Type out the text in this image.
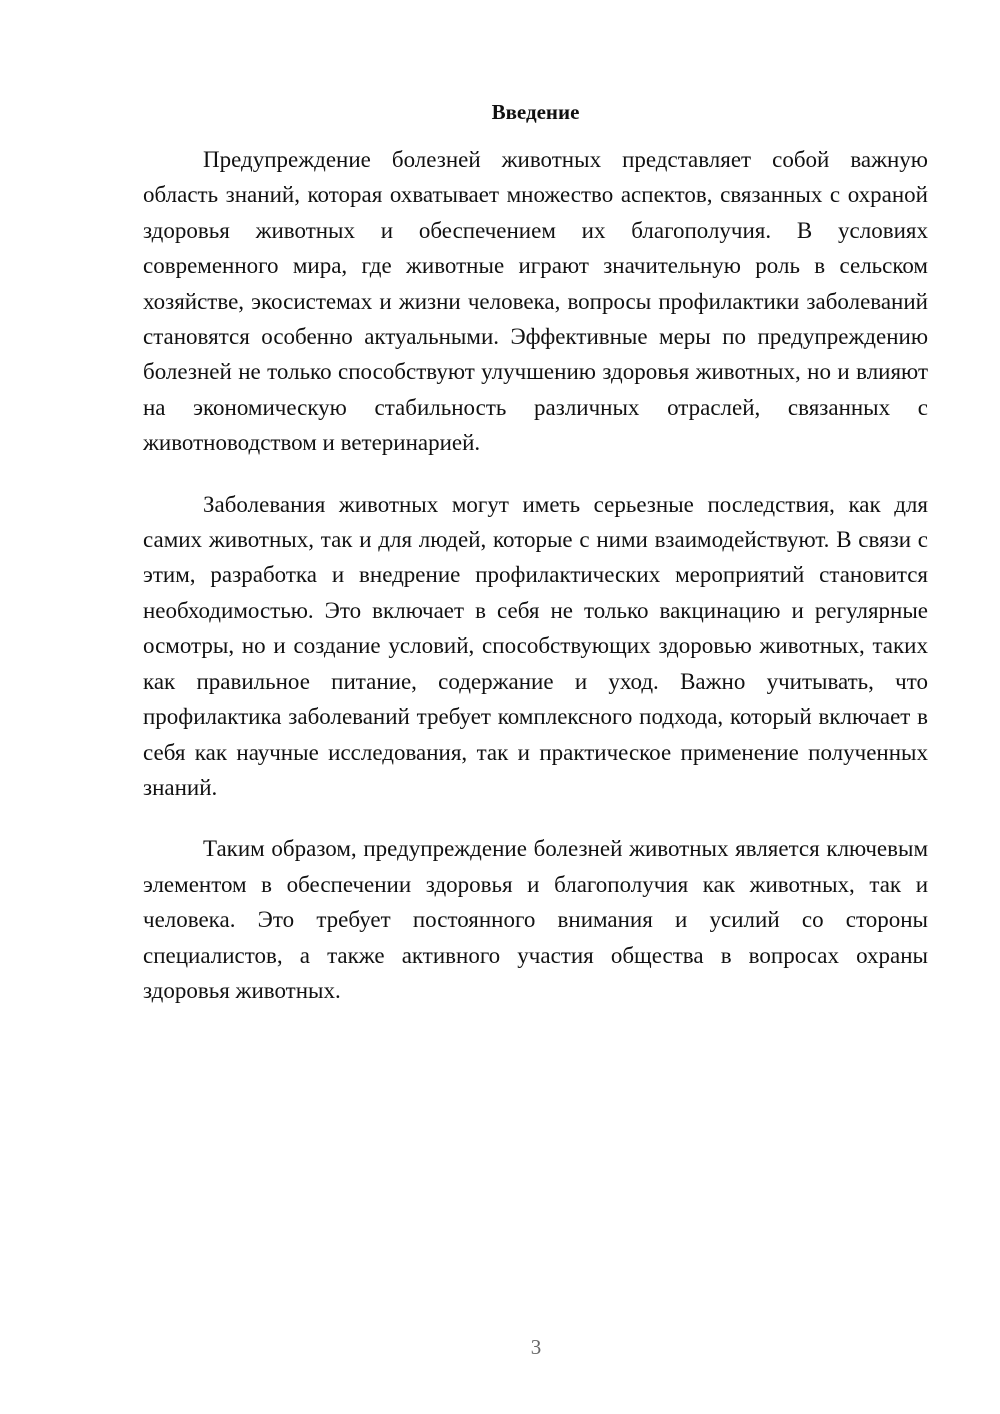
Введение

Предупреждение болезней животных представляет собой важную область знаний, которая охватывает множество аспектов, связанных с охраной здоровья животных и обеспечением их благополучия. В условиях современного мира, где животные играют значительную роль в сельском хозяйстве, экосистемах и жизни человека, вопросы профилактики заболеваний становятся особенно актуальными. Эффективные меры по предупреждению болезней не только способствуют улучшению здоровья животных, но и влияют на экономическую стабильность различных отраслей, связанных с животноводством и ветеринарией.

Заболевания животных могут иметь серьезные последствия, как для самих животных, так и для людей, которые с ними взаимодействуют. В связи с этим, разработка и внедрение профилактических мероприятий становится необходимостью. Это включает в себя не только вакцинацию и регулярные осмотры, но и создание условий, способствующих здоровью животных, таких как правильное питание, содержание и уход. Важно учитывать, что профилактика заболеваний требует комплексного подхода, который включает в себя как научные исследования, так и практическое применение полученных знаний.

Таким образом, предупреждение болезней животных является ключевым элементом в обеспечении здоровья и благополучия как животных, так и человека. Это требует постоянного внимания и усилий со стороны специалистов, а также активного участия общества в вопросах охраны здоровья животных.

3
